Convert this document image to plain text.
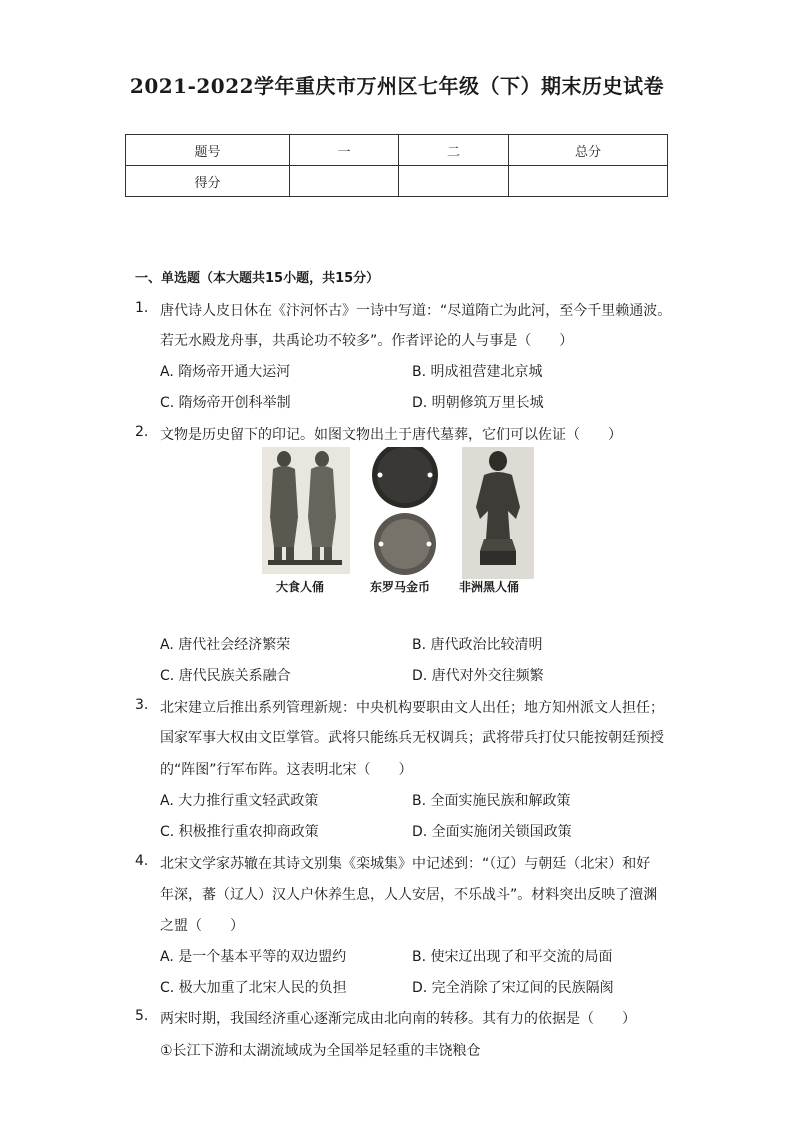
2021-2022学年重庆市万州区七年级（下）期末历史试卷
题号	一	二	总分
得分			
一、单选题（本大题共15小题，共15分）
1. 唐代诗人皮日休在《汴河怀古》一诗中写道：“尽道隋亡为此河，至今千里赖通波。
若无水殿龙舟事，共禹论功不较多”。作者评论的人与事是（　　）
A. 隋炀帝开通大运河	B. 明成祖营建北京城
C. 隋炀帝开创科举制	D. 明朝修筑万里长城
2. 文物是历史留下的印记。如图文物出土于唐代墓葬，它们可以佐证（　　）
大食人俑	东罗马金币 非洲黑人俑
A. 唐代社会经济繁荣	B. 唐代政治比较清明
C. 唐代民族关系融合	D. 唐代对外交往频繁
3. 北宋建立后推出系列管理新规：中央机构要职由文人出任；地方知州派文人担任；
国家军事大权由文臣掌管。武将只能练兵无权调兵；武将带兵打仗只能按朝廷预授
的“阵图”行军布阵。这表明北宋（　　）
A. 大力推行重文轻武政策	B. 全面实施民族和解政策
C. 积极推行重农抑商政策	D. 全面实施闭关锁国政策
4. 北宋文学家苏辙在其诗文别集《栾城集》中记述到：“（辽）与朝廷（北宋）和好
年深，蕃（辽人）汉人户休养生息，人人安居，不乐战斗”。材料突出反映了澶渊
之盟（　　）
A. 是一个基本平等的双边盟约	B. 使宋辽出现了和平交流的局面
C. 极大加重了北宋人民的负担	D. 完全消除了宋辽间的民族隔阂
5. 两宋时期，我国经济重心逐渐完成由北向南的转移。其有力的依据是（　　）
①长江下游和太湖流域成为全国举足轻重的丰饶粮仓
